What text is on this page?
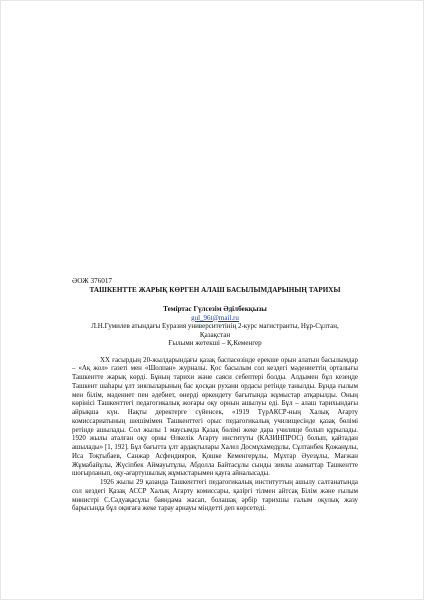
ӘОЖ 376017

ТАШКЕНТТЕ ЖАРЫҚ КӨРГЕН АЛАШ БАСЫЛЫМДАРЫНЫҢ ТАРИХЫ

Теміртас Гүлсезім Әділбекқызы

gul_96t@mail.ru

Л.Н.Гумилев атындағы Еуразия университетінің 2-курс магистранты, Нұр-Сұлтан,

Қазақстан

Ғылыми жетекші – Қ.Кеменгер

XX ғасырдың 20-жылдарындағы қазақ баспасөзінде ерекше орын алатын басылымдар – «Ақ жол» газеті мен «Шолпан» журналы. Қос басылым сол кездегі мәдениеттің орталығы Ташкентте жарық көрді. Бұның тарихи және саяси себептері болды. Алдымен бұл кезеңде Ташкент шаһары ұлт зиялыларының бас қосқан рухани ордасы ретінде танылды. Бұнда ғылым мен білім, мәдениет пен әдебиет, өнерді өркендету бағытында жұмыстар атқарылды. Оның көрінісі Ташкенттегі педагогикалық жоғары оқу орнын ашылуы еді. Бұл – алаш тарихындағы айрықша күн. Нақты деректерге сүйенсек, «1919 ТүрАКСР-ның Халық Ағарту комиссариатының шешімімен Ташкенттегі орыс педагогикалық училищесінде қазақ бөлімі ретінде ашылады. Сол жылы 1 маусымда Қазақ бөлімі жеке дара училище болып құрылады. 1920 жылы аталған оқу орны Өлкелік Ағарту институты (КАЗИНПРОС) болып, қайтадан ашылады» [1, 192]. Бұл бағытта ұлт ардақтылары Халел Досмұхамедұлы, Сұлтанбек Қожанұлы, Иса Тоқтыбаев, Санжар Асфендияров, Қошке Кеменгерұлы, Мұхтар Әуезұлы, Мағжан Жұмабайұлы, Жүсіпбек Аймауытұлы, Абдолла Байтасұлы сынды зиялы азаматтар Ташкентте шоғырланып, оқу-ағартушылық жұмыстарымен қауға айналысады.

1926 жылы 29 қазанда Ташкенттегі педагогикалық институттың ашылу салтанатында сол кездегі Қазақ АССР Халық Ағарту комиссары, қазіргі тілмен айтсақ Білім және ғылым министрі С.Сәдуақасұлы баяндама жасап, болашақ әрбір тарихшы ғалым оқулық жазу барысында бұл оқиғаға жеке тарау арнауы міндетті деп көрсетеді.
